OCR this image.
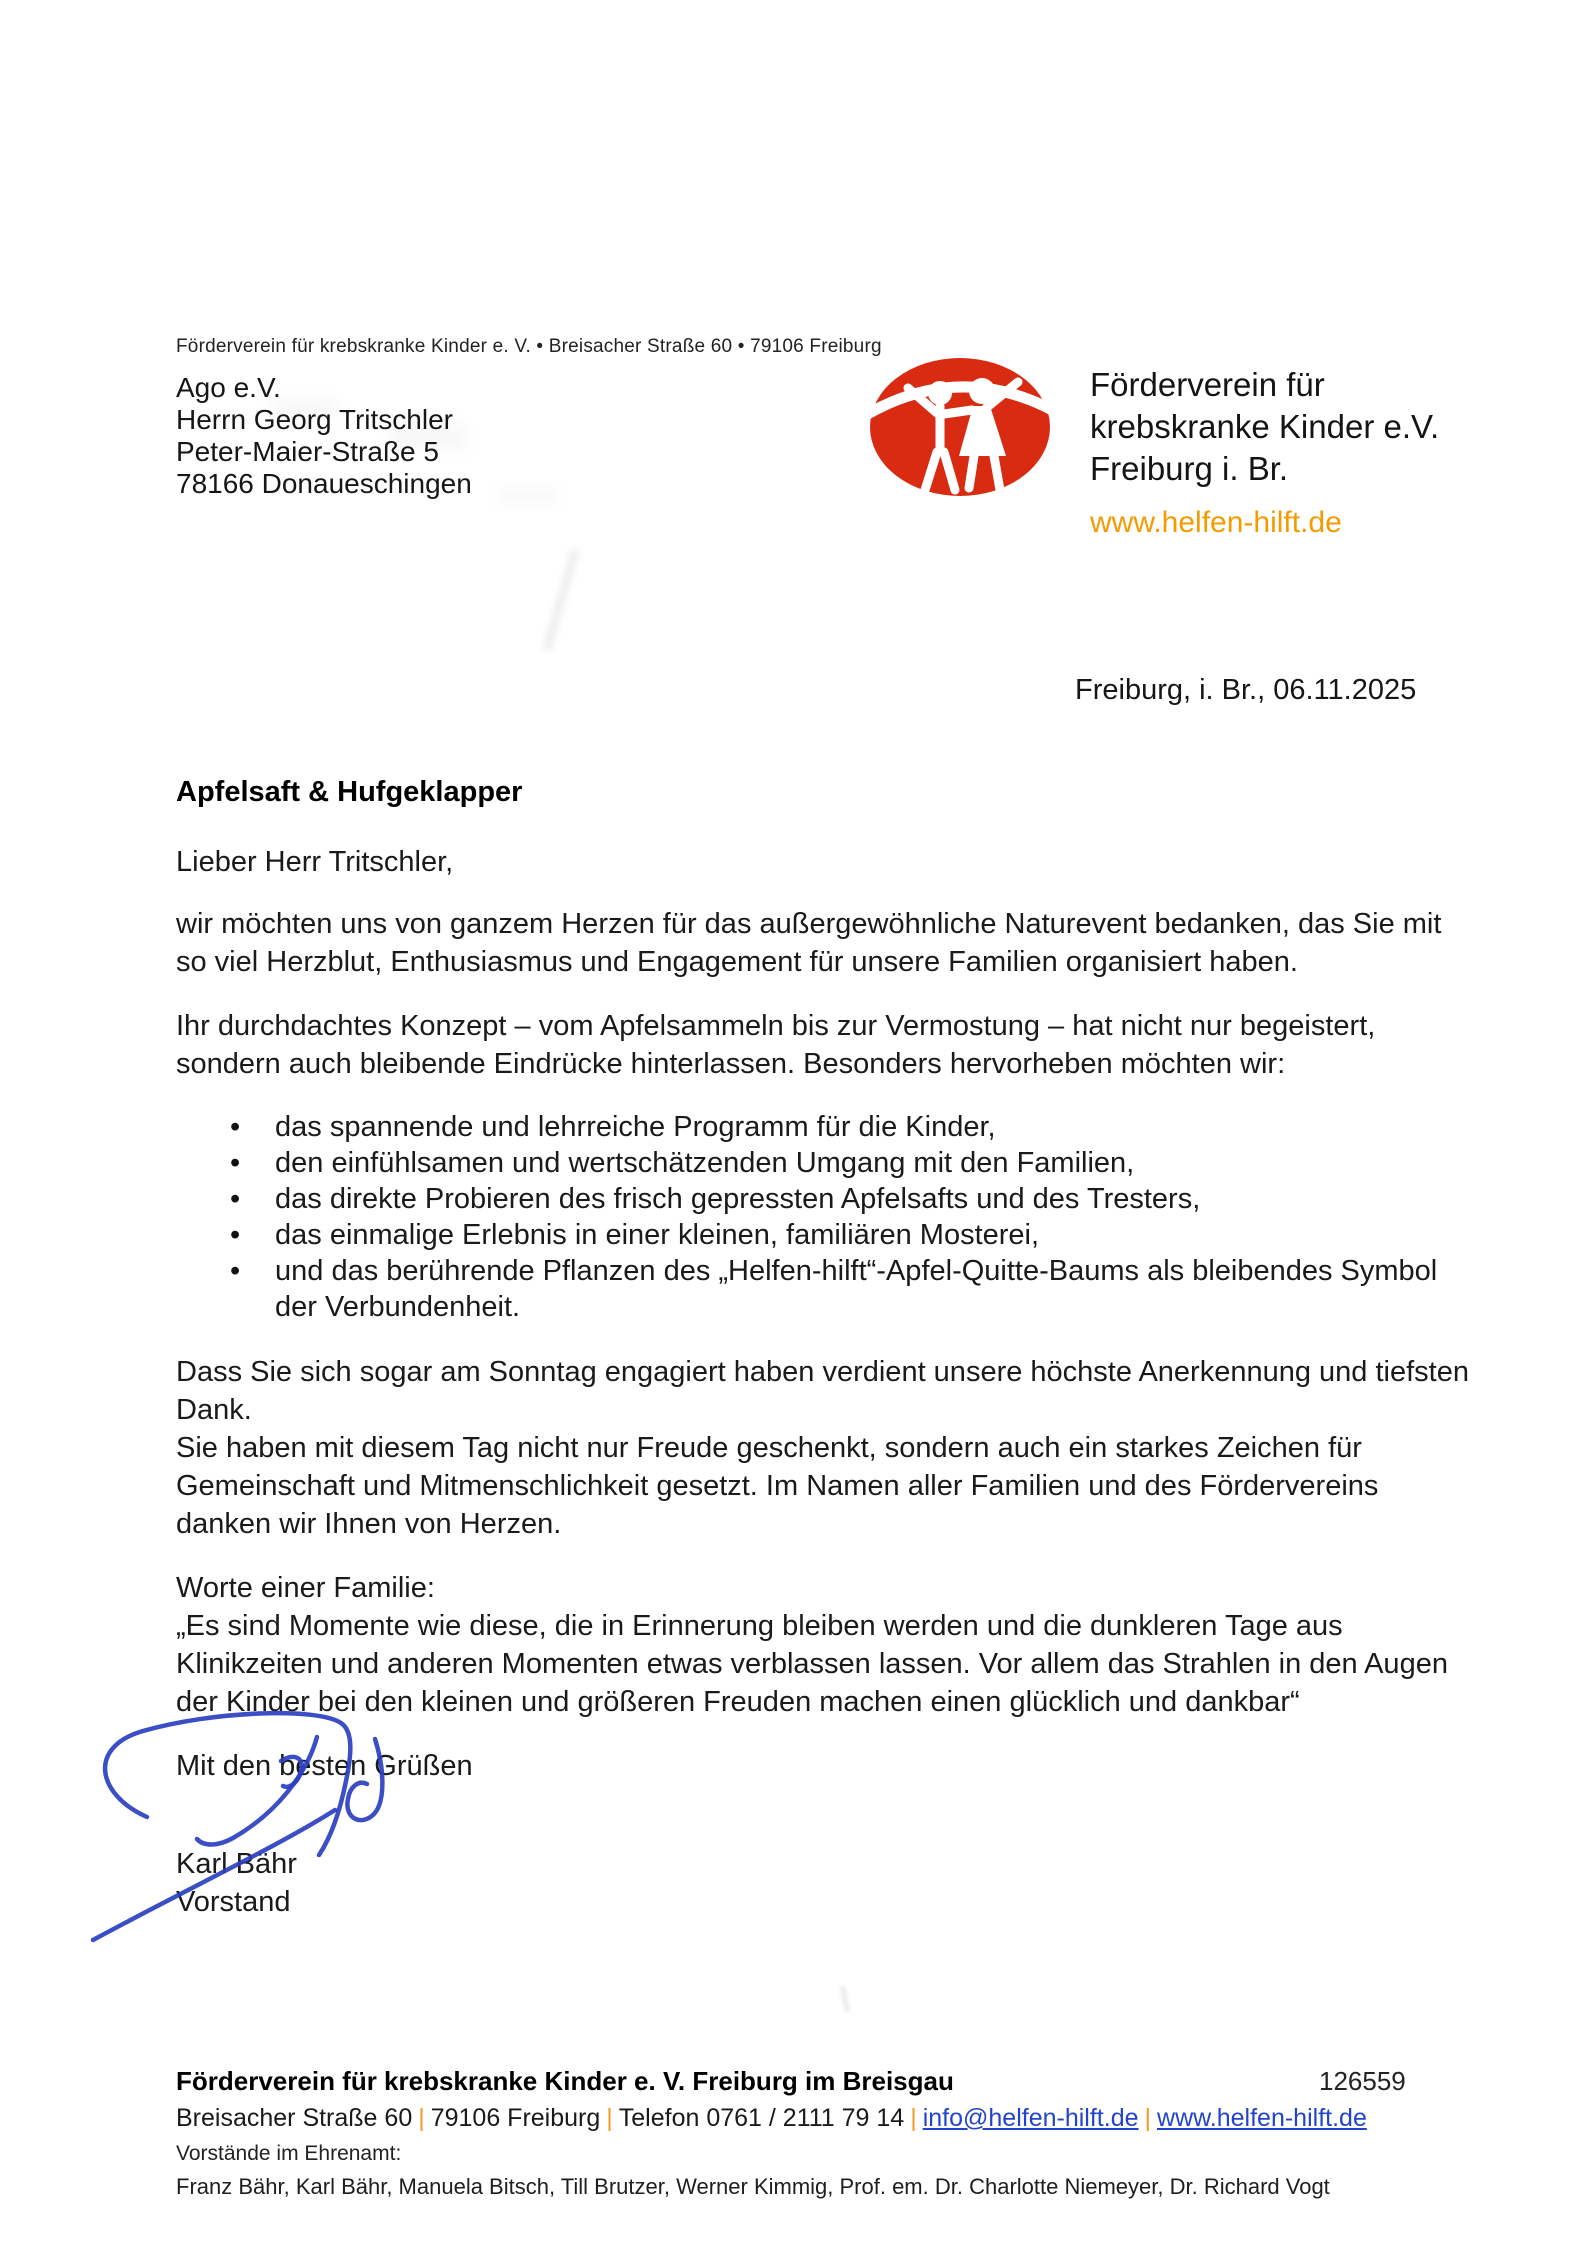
Förderverein für krebskranke Kinder e. V. • Breisacher Straße 60 • 79106 Freiburg
Ago e.V.
Herrn Georg Tritschler
Peter-Maier-Straße 5
78166 Donaueschingen
Förderverein für
krebskranke Kinder e.V.
Freiburg i. Br.
www.helfen-hilft.de
Freiburg, i. Br., 06.11.2025

Apfelsaft & Hufgeklapper

Lieber Herr Tritschler,

wir möchten uns von ganzem Herzen für das außergewöhnliche Naturevent bedanken, das Sie mit so viel Herzblut, Enthusiasmus und Engagement für unsere Familien organisiert haben.

Ihr durchdachtes Konzept – vom Apfelsammeln bis zur Vermostung – hat nicht nur begeistert, sondern auch bleibende Eindrücke hinterlassen. Besonders hervorheben möchten wir:

• das spannende und lehrreiche Programm für die Kinder,
• den einfühlsamen und wertschätzenden Umgang mit den Familien,
• das direkte Probieren des frisch gepressten Apfelsafts und des Tresters,
• das einmalige Erlebnis in einer kleinen, familiären Mosterei,
• und das berührende Pflanzen des „Helfen-hilft“-Apfel-Quitte-Baums als bleibendes Symbol der Verbundenheit.

Dass Sie sich sogar am Sonntag engagiert haben verdient unsere höchste Anerkennung und tiefsten Dank.

Sie haben mit diesem Tag nicht nur Freude geschenkt, sondern auch ein starkes Zeichen für Gemeinschaft und Mitmenschlichkeit gesetzt. Im Namen aller Familien und des Fördervereins danken wir Ihnen von Herzen.

Worte einer Familie:

„Es sind Momente wie diese, die in Erinnerung bleiben werden und die dunkleren Tage aus Klinikzeiten und anderen Momenten etwas verblassen lassen. Vor allem das Strahlen in den Augen der Kinder bei den kleinen und größeren Freuden machen einen glücklich und dankbar“

Mit den besten Grüßen

Karl Bähr
Vorstand
Förderverein für krebskranke Kinder e. V. Freiburg im Breisgau
Breisacher Straße 60 | 79106 Freiburg | Telefon 0761 / 2111 79 14 | info@helfen-hilft.de | www.helfen-hilft.de
Vorstände im Ehrenamt:
Franz Bähr, Karl Bähr, Manuela Bitsch, Till Brutzer, Werner Kimmig, Prof. em. Dr. Charlotte Niemeyer, Dr. Richard Vogt
126559
